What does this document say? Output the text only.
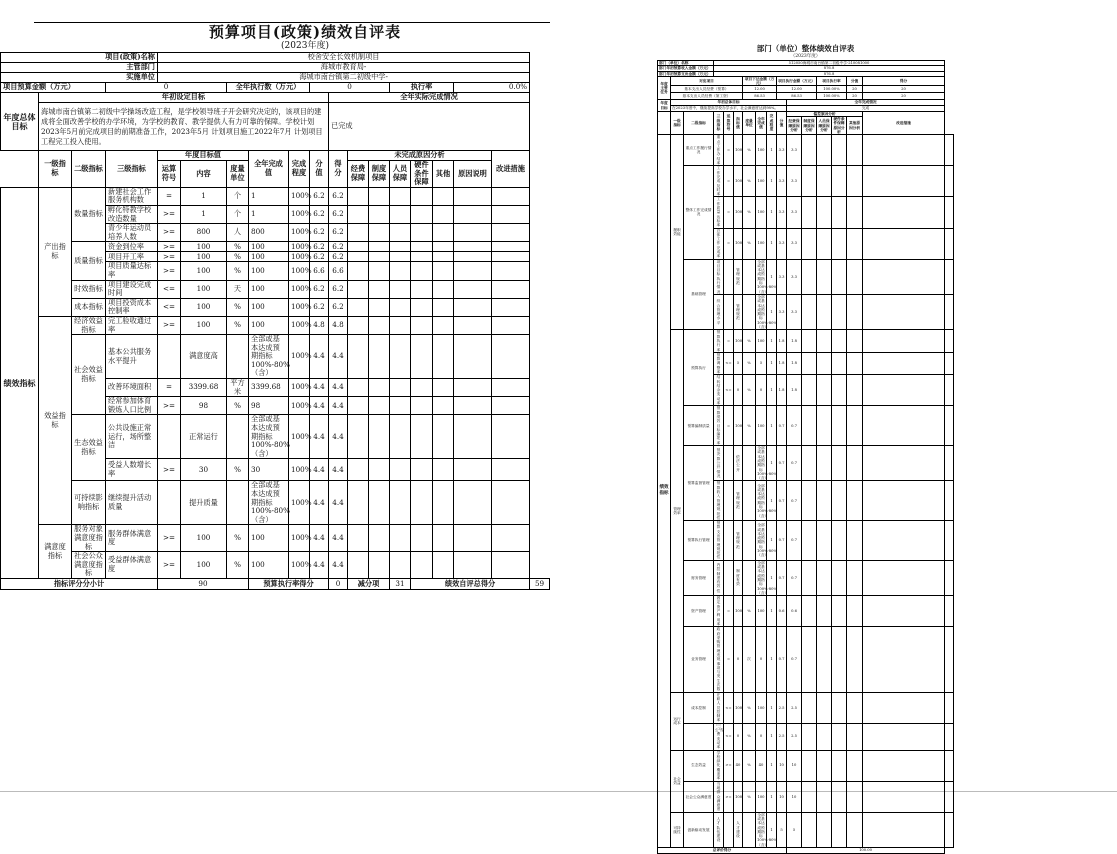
预算项目(政策)绩效自评表
(2023年度)
项目(政策)名称				校舍安全长效机制项目														
主管部门				海城市教育局-														
实施单位				海城市南台镇第二初级中学-														
项目预算金额（万元）			0			全年执行数（万元）			0				执行率			0.0%		
年度总体目标	年初设定目标									全年实际完成情况								
	海城市南台镇第二初级中学操场改造工程，是学校领导班子开会研究决定的，该项目的建成将全面改善学校的办学环境，为学校的教育、教学提供人有力可靠的保障。学校计划2023年5月前完成项目的前期准备工作，2023年5月 计划项目施工2022年7月 计划项目工程完工投入使用。									已完成								
	一级指标	二级指标	三级指标	年度目标值			全年完成值	完成程度	分值	得分	未完成原因分析						改进措施	
				运算符号	内容	度量单位					经费保障	制度保障	人员保障	硬件条件保障	其他	原因说明		
绩效指标	产出指标	数量指标	新建社会工作服务机构数	=	1	个	1	100%	6.2	6.2								
			孵化特教学校改造数量	>=	1	个	1	100%	6.2	6.2								
			青少年运动员培养人数	>=	800	人	800	100%	6.2	6.2								
		质量指标	资金到位率	>=	100	%	100	100%	6.2	6.2								
			项目开工率	>=	100	%	100	100%	6.2	6.2								
			项目质量达标率	>=	100	%	100	100%	6.6	6.6								
		时效指标	项目建设完成时间	<=	100	天	100	100%	6.2	6.2								
		成本指标	项目投资成本控制率	<=	100	%	100	100%	6.2	6.2								
	效益指标	经济效益指标	完工验收通过率	>=	100	%	100	100%	4.8	4.8								
		社会效益指标	基本公共服务水平提升		满意度高		全部或基本达成预期指标100%-80%（含）	100%	4.4	4.4								
			改善环境面积	=	3399.68	平方米	3399.68	100%	4.4	4.4								
			经常参加体育锻炼人口比例	>=	98	%	98	100%	4.4	4.4								
		生态效益指标	公共设施正常运行，场所整洁		正常运行		全部或基本达成预期指标100%-80%（含）	100%	4.4	4.4								
			受益人数增长率	>=	30	%	30	100%	4.4	4.4								
		可持续影响指标	继续提升活动质量		提升质量		全部或基本达成预期指标100%-80%（含）	100%	4.4	4.4								
	满意度指标	服务对象满意度指标	服务群体满意度	>=	100	%	100	100%	4.4	4.4								
		社会公众满意度指标	受益群体满意度	>=	100	%	100	100%	4.4	4.4								
指标评分分小计				90			预算执行率得分			0	减分项		31	绩效自评总得分				59
部门（单位）整体绩效自评表
（2023年度）
部门（单位）名称			512050海城市南台镇第二初级中学-210081000													
部门年初预算收入金额（万元）			876.8													
部门年初预算支出金额（万元）			876.8													
年度主要任务	对应项目					项目下达金额（万元）			项目执行金额（万元）			项目执行率		分值	得分	
	基本支出人员经费（预算）					12.00			12.00			100.00%		20	20	
	基本支出人员经费（第工资）					86.53			86.53			100.00%		20	20	
年度目标	年初总体目标									全年完成情况						
	在2023年度中，继续提高学校办学水平，社会满意度达到98%。									完成						
	一级指标	二级指标	三级指标	运算符号	指标值	度量单位	全年完成值	完成程度	分值	偏差原因分析					改进措施	
										经费保障原因分析	制度保障原因分析	人员保障原因分析	硬件条件保障原因分析	其他原因分析		
绩效指标	履职效能	重点工作履行情况	重点工作办结率	=	100	%	100	1	3.3	3.3						
		整体工作完成情况	工作完成及时率	=	100	%	100	1	3.3	3.3						
			工作质量达标率	=	100	%	100	1	3.3	3.3						
			总体工作完成率	=	100	%	100	1	3.3	3.3						
		基础管理	项目目标执行情况		管理规范		全部或基本达成预期指标100%-80%（含）	1	3.3	3.3						
			综合管理水平		管理规范		全部或基本达成预期指标100%-80%（含）	1	3.3	3.3						
	管理效率	预算执行	预算执行率	=	100	%	100	1	1.8	1.8						
			预算调整率	<=	5	%	5	1	1.8	1.8						
			结转结余变动率	<=	0	%	0	1	1.8	1.8						
		预算编制质量	预算绩效目标编报率	=	100	%	100	1	0.7	0.7						
		预算监督管理	预决算公开情况		依法公开		全部或基本达成预期指标100%-80%（含）	1	0.7	0.7						
			预算收入管理规范性		管理规范		全部或基本达成预期指标100%-80%（含）	1	0.7	0.7						
		预算执行管理	预算支出管理规范性		管理规范		全部或基本达成预期指标100%-80%（含）	1	0.7	0.7						
		财务管理	内控制度有效性		制度有效		全部或基本达成预期指标100%-80%（含）	1	0.7	0.7						
		资产管理	固定资产利用率	=	100	%	100	1	0.6	0.6						
		业务管理	政府采购管理违规事项与发生次数	=	0	次	0	1	0.7	0.7						
	运行成本	成本控制	在职人员控制率	<=	100	%	100	1	2.5	2.5						
			"三公"经费变动率	<=	0	%	0	1	2.5	2.5						
	社会效益	生态效益	学校绿化覆盖率	>=	40	%	40	1	10	10						
		社会公众满意度	当地群众满意度	>=	100	%	100	1	10	10						
	可持续性	创新驱动发展	人才队伍建设		人才建设		全部或基本达成预期指标100%-80%（含）	1	5	5						
总评价得分										100.00						
